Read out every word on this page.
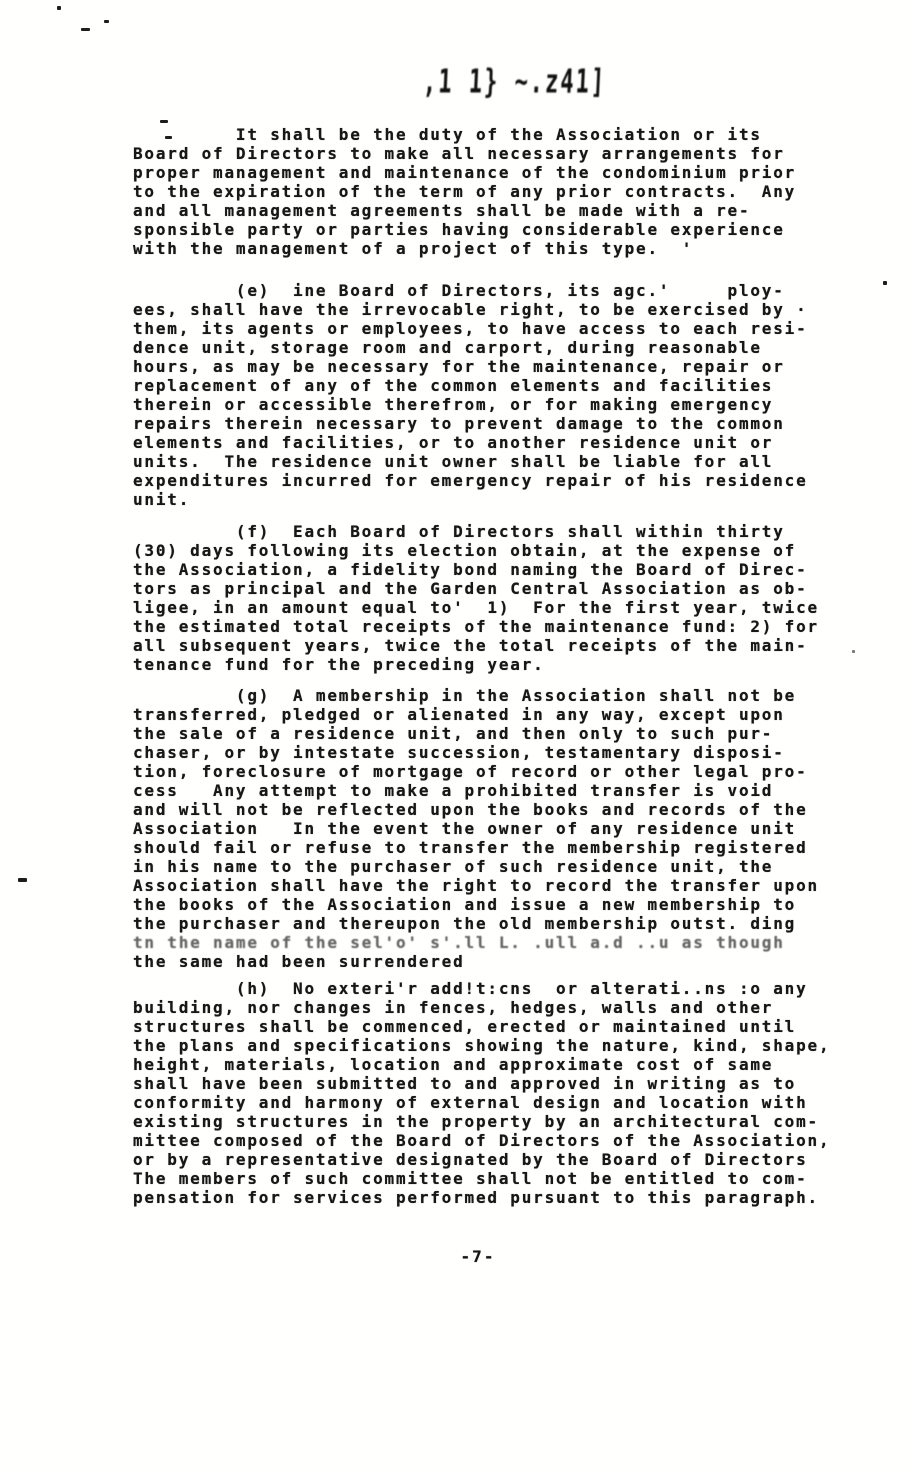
,1 1} ~.z41]
It shall be the duty of the Association or its
Board of Directors to make all necessary arrangements for
proper management and maintenance of the condominium prior
to the expiration of the term of any prior contracts.  Any
and all management agreements shall be made with a re-
sponsible party or parties having considerable experience
with the management of a project of this type.  '
(e)  ine Board of Directors, its agc.'     ploy-
ees, shall have the irrevocable right, to be exercised by ·
them, its agents or employees, to have access to each resi-
dence unit, storage room and carport, during reasonable
hours, as may be necessary for the maintenance, repair or
replacement of any of the common elements and facilities
therein or accessible therefrom, or for making emergency
repairs therein necessary to prevent damage to the common
elements and facilities, or to another residence unit or
units.  The residence unit owner shall be liable for all
expenditures incurred for emergency repair of his residence
unit.
(f)  Each Board of Directors shall within thirty
(30) days following its election obtain, at the expense of
the Association, a fidelity bond naming the Board of Direc-
tors as principal and the Garden Central Association as ob-
ligee, in an amount equal to'  1)  For the first year, twice
the estimated total receipts of the maintenance fund: 2) for
all subsequent years, twice the total receipts of the main-
tenance fund for the preceding year.
(g)  A membership in the Association shall not be
transferred, pledged or alienated in any way, except upon
the sale of a residence unit, and then only to such pur-
chaser, or by intestate succession, testamentary disposi-
tion, foreclosure of mortgage of record or other legal pro-
cess   Any attempt to make a prohibited transfer is void
and will not be reflected upon the books and records of the
Association   In the event the owner of any residence unit
should fail or refuse to transfer the membership registered
in his name to the purchaser of such residence unit, the
Association shall have the right to record the transfer upon
the books of the Association and issue a new membership to
the purchaser and thereupon the old membership outst. ding
tn the name of the sel'o' s'.ll L. .ull a.d ..u as though
the same had been surrendered
(h)  No exteri'r add!t:cns  or alterati..ns :o any
building, nor changes in fences, hedges, walls and other
structures shall be commenced, erected or maintained until
the plans and specifications showing the nature, kind, shape,
height, materials, location and approximate cost of same
shall have been submitted to and approved in writing as to
conformity and harmony of external design and location with
existing structures in the property by an architectural com-
mittee composed of the Board of Directors of the Association,
or by a representative designated by the Board of Directors
The members of such committee shall not be entitled to com-
pensation for services performed pursuant to this paragraph.
-7-
